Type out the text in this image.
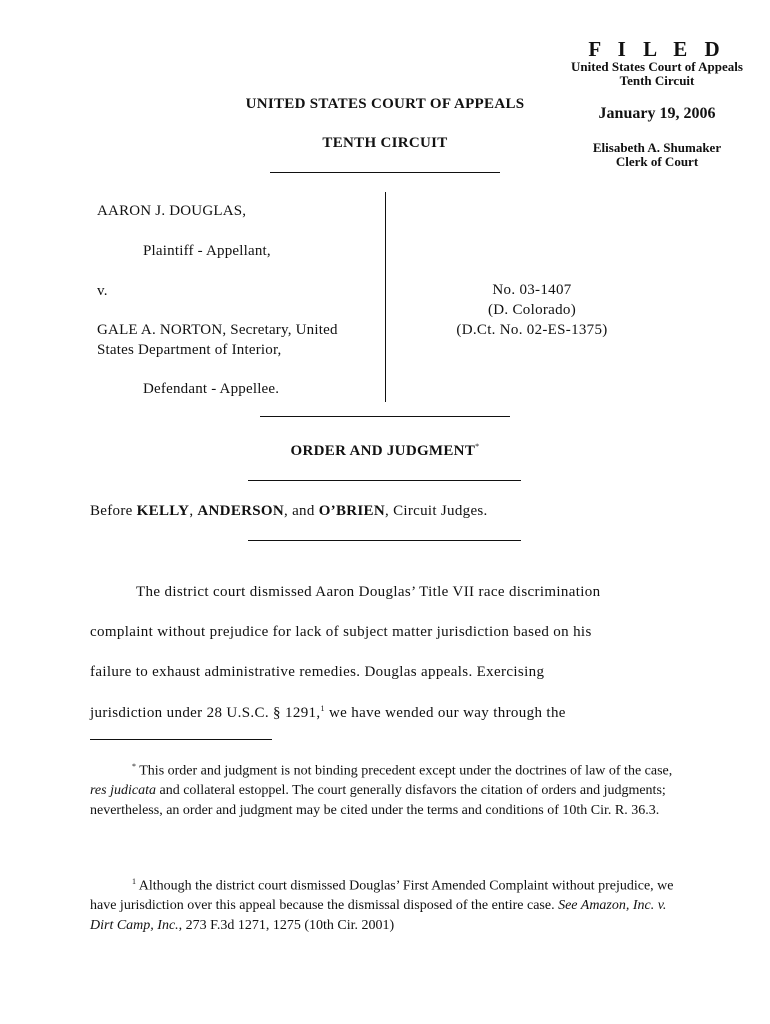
F I L E D
United States Court of Appeals
Tenth Circuit
January 19, 2006
Elisabeth A. Shumaker
Clerk of Court
UNITED STATES COURT OF APPEALS
TENTH CIRCUIT
AARON J. DOUGLAS,
Plaintiff - Appellant,
v.
GALE A. NORTON, Secretary, United
States Department of Interior,
Defendant - Appellee.
No. 03-1407
(D. Colorado)
(D.Ct. No. 02-ES-1375)
ORDER AND JUDGMENT*
Before KELLY, ANDERSON, and O’BRIEN, Circuit Judges.
The district court dismissed Aaron Douglas’ Title VII race discrimination
complaint without prejudice for lack of subject matter jurisdiction based on his
failure to exhaust administrative remedies. Douglas appeals. Exercising
jurisdiction under 28 U.S.C. § 1291,$^1$ we have wended our way through the
* This order and judgment is not binding precedent except under the doctrines of law of the case, res judicata and collateral estoppel. The court generally disfavors the citation of orders and judgments; nevertheless, an order and judgment may be cited under the terms and conditions of 10th Cir. R. 36.3.
$^1$ Although the district court dismissed Douglas’ First Amended Complaint without prejudice, we have jurisdiction over this appeal because the dismissal disposed of the entire case. See Amazon, Inc. v. Dirt Camp, Inc., 273 F.3d 1271, 1275 (10th Cir. 2001)
